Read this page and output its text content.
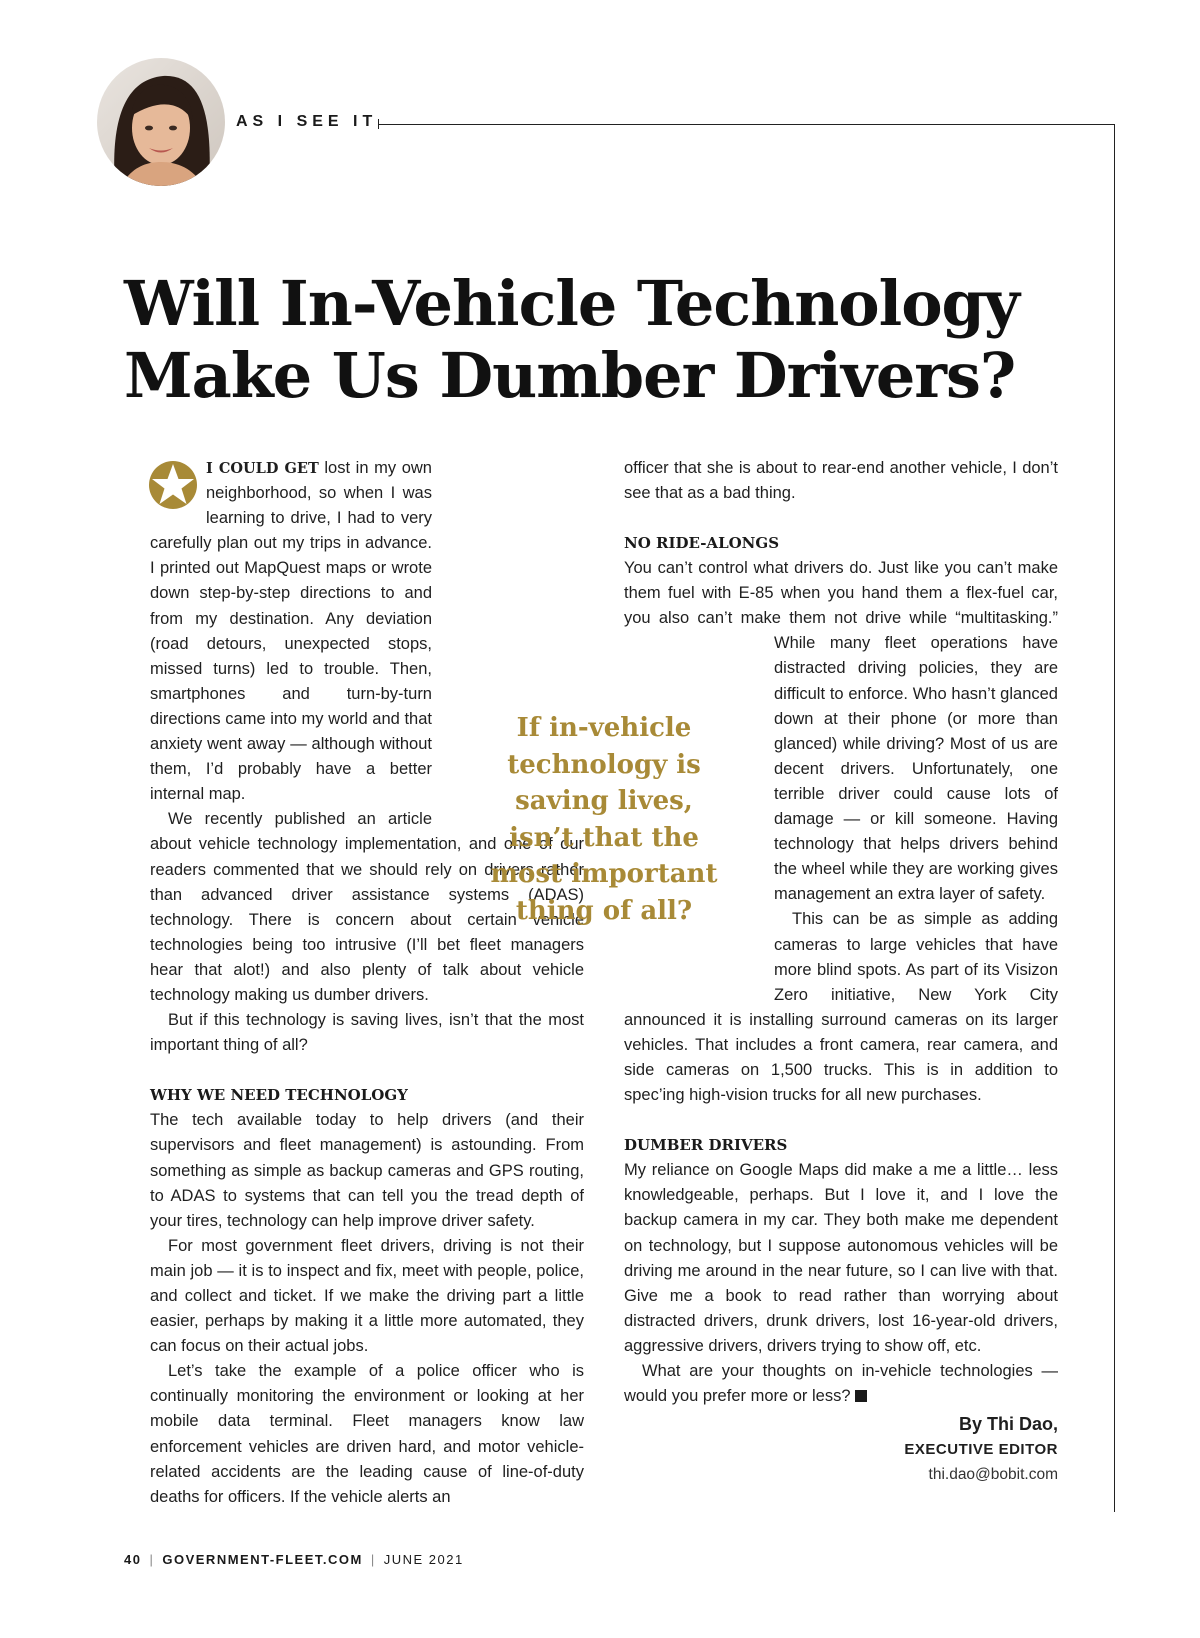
AS I SEE IT
Will In-Vehicle Technology
Make Us Dumber Drivers?

I COULD GET lost in my own neighborhood, so when I was learning to drive, I had to very carefully plan out my trips in advance. I printed out MapQuest maps or wrote down step-by-step directions to and from my destination. Any deviation (road detours, unexpected stops, missed turns) led to trouble. Then, smartphones and turn-by-turn directions came into my world and that anxiety went away — although without them, I’d probably have a better internal map.

We recently published an article about vehicle technology implementation, and one of our readers commented that we should rely on drivers rather than advanced driver assistance systems (ADAS) technology. There is concern about certain vehicle technologies being too intrusive (I’ll bet fleet managers hear that alot!) and also plenty of talk about vehicle technology making us dumber drivers.

But if this technology is saving lives, isn’t that the most important thing of all?

WHY WE NEED TECHNOLOGY

The tech available today to help drivers (and their supervisors and fleet management) is astounding. From something as simple as backup cameras and GPS routing, to ADAS to systems that can tell you the tread depth of your tires, technology can help improve driver safety.

For most government fleet drivers, driving is not their main job — it is to inspect and fix, meet with people, police, and collect and ticket. If we make the driving part a little easier, perhaps by making it a little more automated, they can focus on their actual jobs.

Let’s take the example of a police officer who is continually monitoring the environment or looking at her mobile data terminal. Fleet managers know law enforcement vehicles are driven hard, and motor vehicle-related accidents are the leading cause of line-of-duty deaths for officers. If the vehicle alerts an

If in-vehicle technology is saving lives, isn’t that the most important thing of all?

NO RIDE-ALONGS

You can’t control what drivers do. Just like you can’t make them fuel with E-85 when you hand them a flex-fuel car, you also can’t make them not drive while “multitasking.” While many fleet operations have distracted driving policies, they are difficult to enforce. Who hasn’t glanced down at their phone (or more than glanced) while driving? Most of us are decent drivers. Unfortunately, one terrible driver could cause lots of damage — or kill someone. Having technology that helps drivers behind the wheel while they are working gives management an extra layer of safety.

This can be as simple as adding cameras to large vehicles that have more blind spots. As part of its Visizon Zero initiative, New York City announced it is installing surround cameras on its larger vehicles. That includes a front camera, rear camera, and side cameras on 1,500 trucks. This is in addition to spec’ing high-vision trucks for all new purchases.

DUMBER DRIVERS

My reliance on Google Maps did make a me a little… less knowledgeable, perhaps. But I love it, and I love the backup camera in my car. They both make me dependent on technology, but I suppose autonomous vehicles will be driving me around in the near future, so I can live with that. Give me a book to read rather than worrying about distracted drivers, drunk drivers, lost 16-year-old drivers, aggressive drivers, drivers trying to show off, etc.

What are your thoughts on in-vehicle technologies — would you prefer more or less?

By Thi Dao,
EXECUTIVE EDITOR
thi.dao@bobit.com

officer that she is about to rear-end another vehicle, I don’t see that as a bad thing.

40 | GOVERNMENT-FLEET.COM | JUNE 2021
